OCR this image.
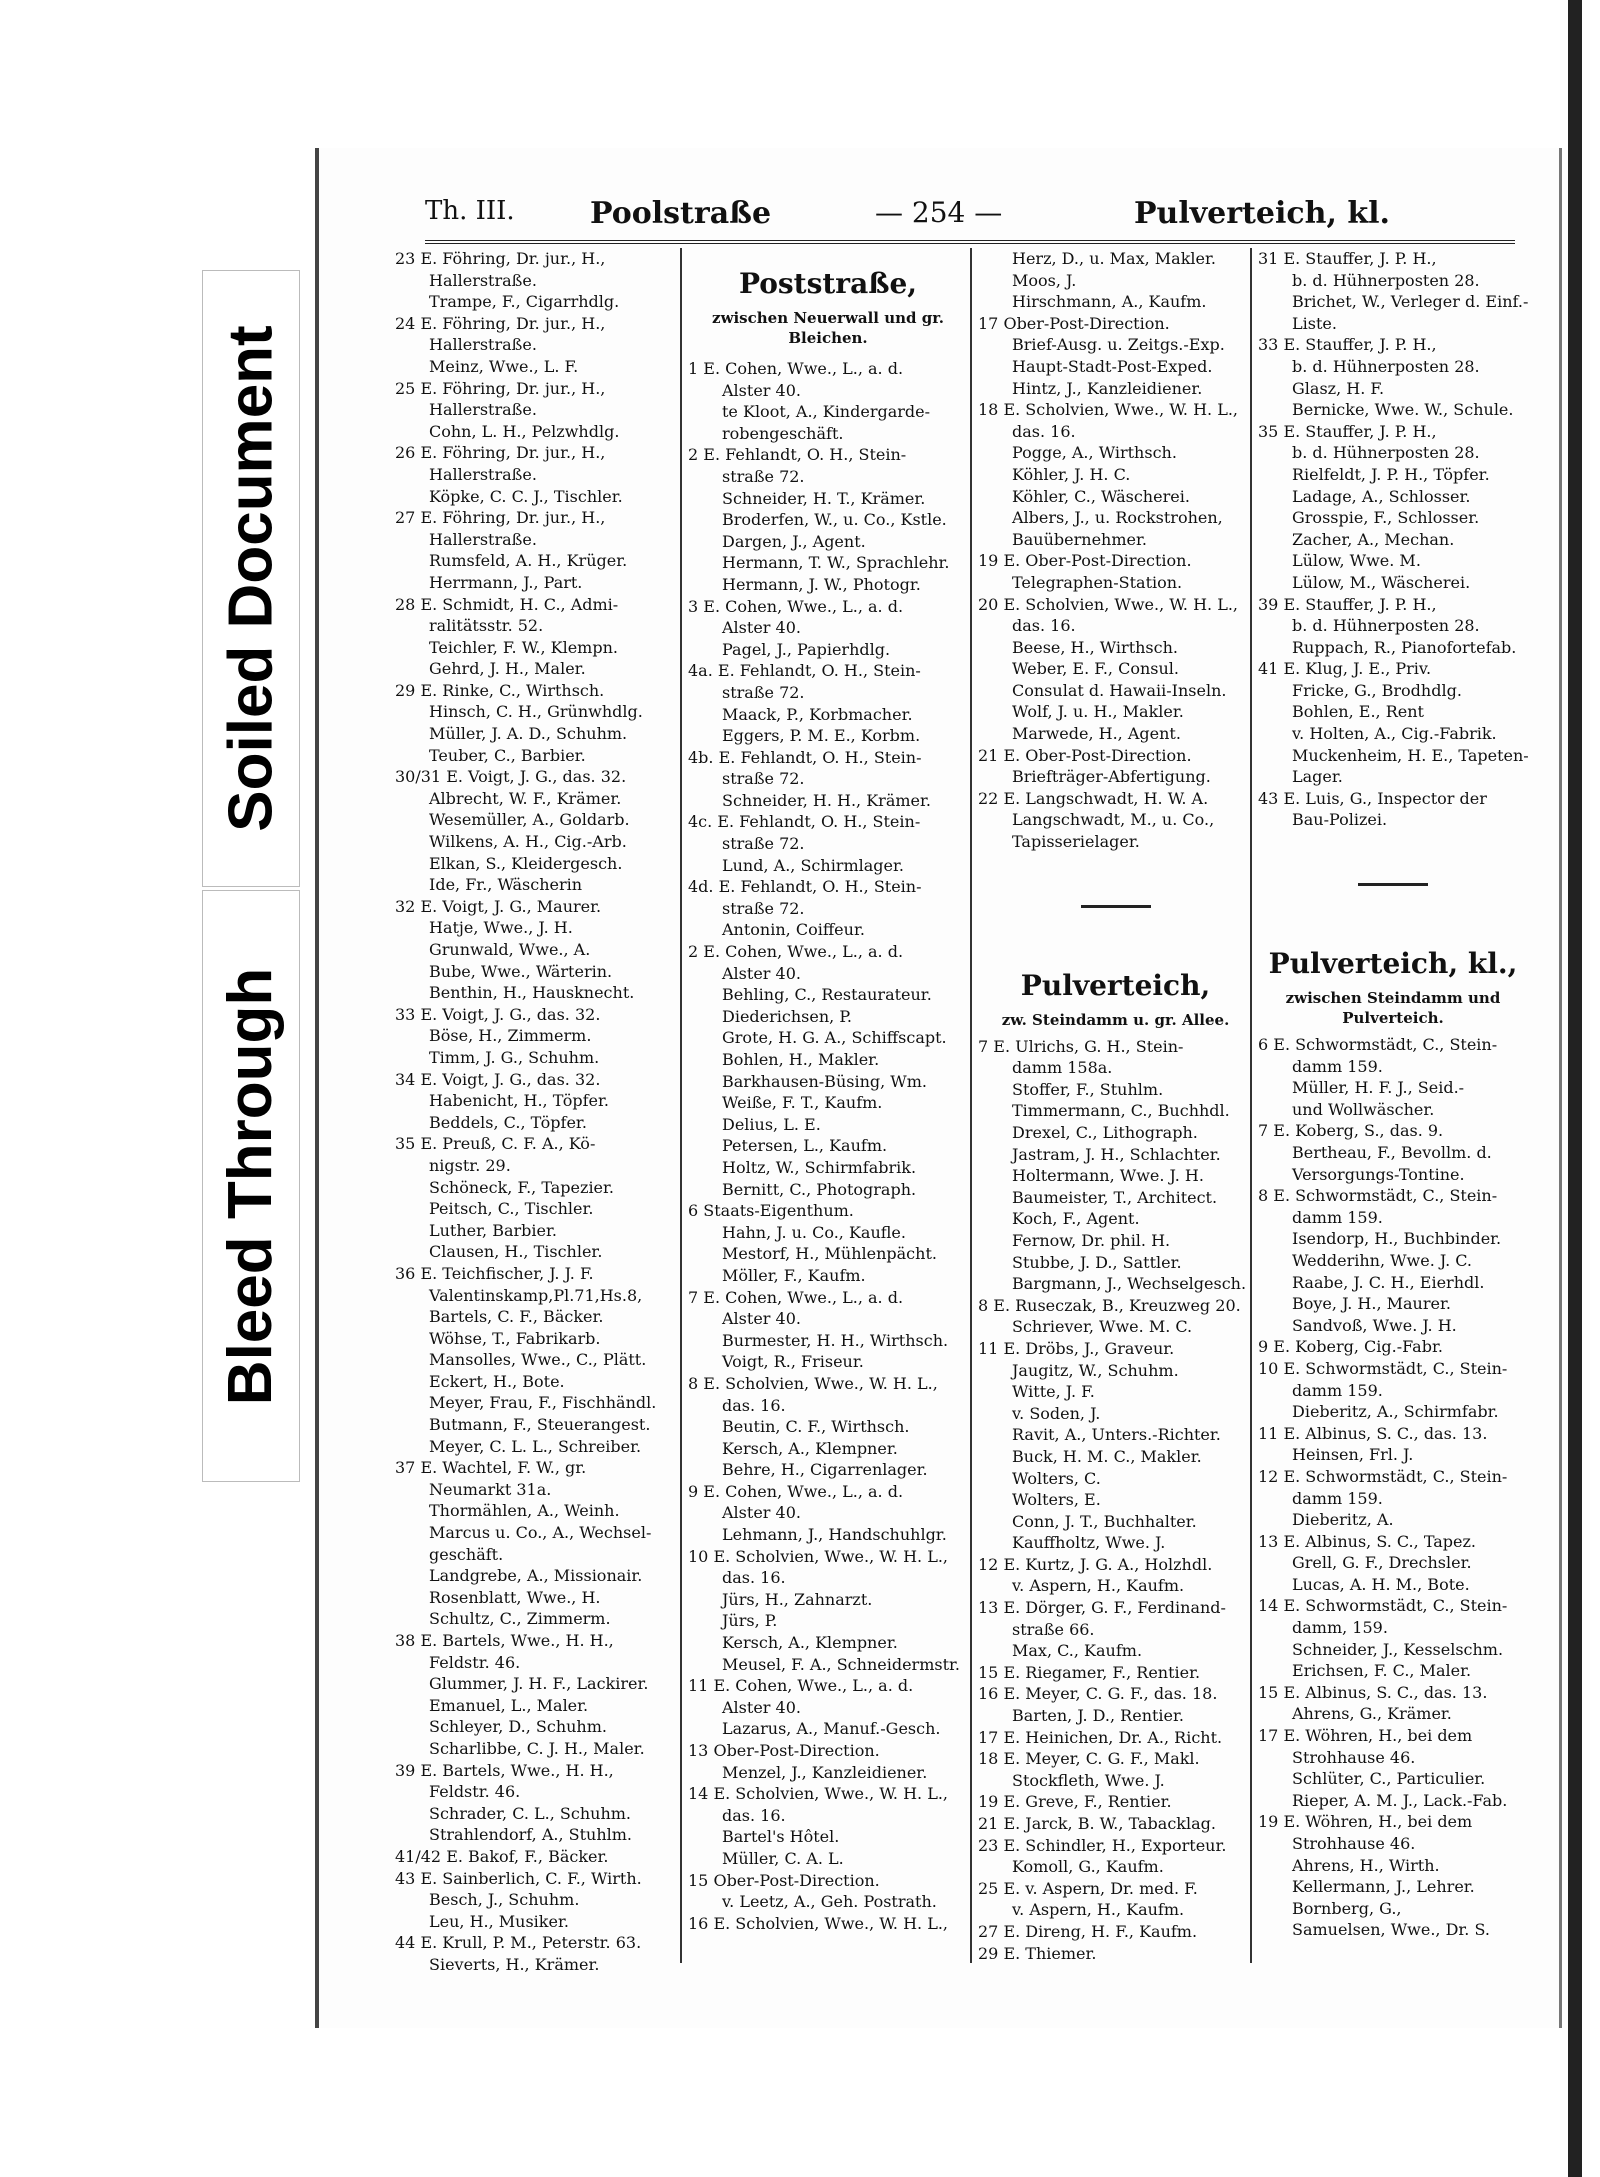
Soiled Document
Bleed Through
Th. III.	Poolstraße	— 254 —	Pulverteich, kl.
23 E. Föhring, Dr. jur., H.,
Hallerstraße.
Trampe, F., Cigarrhdlg.
24 E. Föhring, Dr. jur., H.,
Hallerstraße.
Meinz, Wwe., L. F.
25 E. Föhring, Dr. jur., H.,
Hallerstraße.
Cohn, L. H., Pelzwhdlg.
26 E. Föhring, Dr. jur., H.,
Hallerstraße.
Köpke, C. C. J., Tischler.
27 E. Föhring, Dr. jur., H.,
Hallerstraße.
Rumsfeld, A. H., Krüger.
Herrmann, J., Part.
28 E. Schmidt, H. C., Admi-
ralitätsstr. 52.
Teichler, F. W., Klempn.
Gehrd, J. H., Maler.
29 E. Rinke, C., Wirthsch.
Hinsch, C. H., Grünwhdlg.
Müller, J. A. D., Schuhm.
Teuber, C., Barbier.
30/31 E. Voigt, J. G., das. 32.
Albrecht, W. F., Krämer.
Wesemüller, A., Goldarb.
Wilkens, A. H., Cig.-Arb.
Elkan, S., Kleidergesch.
Ide, Fr., Wäscherin
32 E. Voigt, J. G., Maurer.
Hatje, Wwe., J. H.
Grunwald, Wwe., A.
Bube, Wwe., Wärterin.
Benthin, H., Hausknecht.
33 E. Voigt, J. G., das. 32.
Böse, H., Zimmerm.
Timm, J. G., Schuhm.
34 E. Voigt, J. G., das. 32.
Habenicht, H., Töpfer.
Beddels, C., Töpfer.
35 E. Preuß, C. F. A., Kö-
nigstr. 29.
Schöneck, F., Tapezier.
Peitsch, C., Tischler.
Luther, Barbier.
Clausen, H., Tischler.
36 E. Teichfischer, J. J. F.
Valentinskamp,Pl.71,Hs.8,
Bartels, C. F., Bäcker.
Wöhse, T., Fabrikarb.
Mansolles, Wwe., C., Plätt.
Eckert, H., Bote.
Meyer, Frau, F., Fischhändl.
Butmann, F., Steuerangest.
Meyer, C. L. L., Schreiber.
37 E. Wachtel, F. W., gr.
Neumarkt 31a.
Thormählen, A., Weinh.
Marcus u. Co., A., Wechsel-
geschäft.
Landgrebe, A., Missionair.
Rosenblatt, Wwe., H.
Schultz, C., Zimmerm.
38 E. Bartels, Wwe., H. H.,
Feldstr. 46.
Glummer, J. H. F., Lackirer.
Emanuel, L., Maler.
Schleyer, D., Schuhm.
Scharlibbe, C. J. H., Maler.
39 E. Bartels, Wwe., H. H.,
Feldstr. 46.
Schrader, C. L., Schuhm.
Strahlendorf, A., Stuhlm.
41/42 E. Bakof, F., Bäcker.
43 E. Sainberlich, C. F., Wirth.
Besch, J., Schuhm.
Leu, H., Musiker.
44 E. Krull, P. M., Peterstr. 63.
Sieverts, H., Krämer.
Poststraße,
zwischen Neuerwall und gr. Bleichen.
1 E. Cohen, Wwe., L., a. d.
Alster 40.
te Kloot, A., Kindergarde-
robengeschäft.
2 E. Fehlandt, O. H., Stein-
straße 72.
Schneider, H. T., Krämer.
Broderfen, W., u. Co., Kstle.
Dargen, J., Agent.
Hermann, T. W., Sprachlehr.
Hermann, J. W., Photogr.
3 E. Cohen, Wwe., L., a. d.
Alster 40.
Pagel, J., Papierhdlg.
4a. E. Fehlandt, O. H., Stein-
straße 72.
Maack, P., Korbmacher.
Eggers, P. M. E., Korbm.
4b. E. Fehlandt, O. H., Stein-
straße 72.
Schneider, H. H., Krämer.
4c. E. Fehlandt, O. H., Stein-
straße 72.
Lund, A., Schirmlager.
4d. E. Fehlandt, O. H., Stein-
straße 72.
Antonin, Coiffeur.
2 E. Cohen, Wwe., L., a. d.
Alster 40.
Behling, C., Restaurateur.
Diederichsen, P.
Grote, H. G. A., Schiffscapt.
Bohlen, H., Makler.
Barkhausen-Büsing, Wm.
Weiße, F. T., Kaufm.
Delius, L. E.
Petersen, L., Kaufm.
Holtz, W., Schirmfabrik.
Bernitt, C., Photograph.
6 Staats-Eigenthum.
Hahn, J. u. Co., Kaufle.
Mestorf, H., Mühlenpächt.
Möller, F., Kaufm.
7 E. Cohen, Wwe., L., a. d.
Alster 40.
Burmester, H. H., Wirthsch.
Voigt, R., Friseur.
8 E. Scholvien, Wwe., W. H. L.,
das. 16.
Beutin, C. F., Wirthsch.
Kersch, A., Klempner.
Behre, H., Cigarrenlager.
9 E. Cohen, Wwe., L., a. d.
Alster 40.
Lehmann, J., Handschuhlgr.
10 E. Scholvien, Wwe., W. H. L.,
das. 16.
Jürs, H., Zahnarzt.
Jürs, P.
Kersch, A., Klempner.
Meusel, F. A., Schneidermstr.
11 E. Cohen, Wwe., L., a. d.
Alster 40.
Lazarus, A., Manuf.-Gesch.
13 Ober-Post-Direction.
Menzel, J., Kanzleidiener.
14 E. Scholvien, Wwe., W. H. L.,
das. 16.
Bartel's Hôtel.
Müller, C. A. L.
15 Ober-Post-Direction.
v. Leetz, A., Geh. Postrath.
16 E. Scholvien, Wwe., W. H. L.,
Herz, D., u. Max, Makler.
Moos, J.
Hirschmann, A., Kaufm.
17 Ober-Post-Direction.
Brief-Ausg. u. Zeitgs.-Exp.
Haupt-Stadt-Post-Exped.
Hintz, J., Kanzleidiener.
18 E. Scholvien, Wwe., W. H. L.,
das. 16.
Pogge, A., Wirthsch.
Köhler, J. H. C.
Köhler, C., Wäscherei.
Albers, J., u. Rockstrohen,
Bauübernehmer.
19 E. Ober-Post-Direction.
Telegraphen-Station.
20 E. Scholvien, Wwe., W. H. L.,
das. 16.
Beese, H., Wirthsch.
Weber, E. F., Consul.
Consulat d. Hawaii-Inseln.
Wolf, J. u. H., Makler.
Marwede, H., Agent.
21 E. Ober-Post-Direction.
Briefträger-Abfertigung.
22 E. Langschwadt, H. W. A.
Langschwadt, M., u. Co.,
Tapisserielager.
Pulverteich,
zw. Steindamm u. gr. Allee.
7 E. Ulrichs, G. H., Stein-
damm 158a.
Stoffer, F., Stuhlm.
Timmermann, C., Buchhdl.
Drexel, C., Lithograph.
Jastram, J. H., Schlachter.
Holtermann, Wwe. J. H.
Baumeister, T., Architect.
Koch, F., Agent.
Fernow, Dr. phil. H.
Stubbe, J. D., Sattler.
Bargmann, J., Wechselgesch.
8 E. Ruseczak, B., Kreuzweg 20.
Schriever, Wwe. M. C.
11 E. Dröbs, J., Graveur.
Jaugitz, W., Schuhm.
Witte, J. F.
v. Soden, J.
Ravit, A., Unters.-Richter.
Buck, H. M. C., Makler.
Wolters, C.
Wolters, E.
Conn, J. T., Buchhalter.
Kauffholtz, Wwe. J.
12 E. Kurtz, J. G. A., Holzhdl.
v. Aspern, H., Kaufm.
13 E. Dörger, G. F., Ferdinand-
straße 66.
Max, C., Kaufm.
15 E. Riegamer, F., Rentier.
16 E. Meyer, C. G. F., das. 18.
Barten, J. D., Rentier.
17 E. Heinichen, Dr. A., Richt.
18 E. Meyer, C. G. F., Makl.
Stockfleth, Wwe. J.
19 E. Greve, F., Rentier.
21 E. Jarck, B. W., Tabacklag.
23 E. Schindler, H., Exporteur.
Komoll, G., Kaufm.
25 E. v. Aspern, Dr. med. F.
v. Aspern, H., Kaufm.
27 E. Direng, H. F., Kaufm.
29 E. Thiemer.
31 E. Stauffer, J. P. H.,
b. d. Hühnerposten 28.
Brichet, W., Verleger d. Einf.-
Liste.
33 E. Stauffer, J. P. H.,
b. d. Hühnerposten 28.
Glasz, H. F.
Bernicke, Wwe. W., Schule.
35 E. Stauffer, J. P. H.,
b. d. Hühnerposten 28.
Rielfeldt, J. P. H., Töpfer.
Ladage, A., Schlosser.
Grosspie, F., Schlosser.
Zacher, A., Mechan.
Lülow, Wwe. M.
Lülow, M., Wäscherei.
39 E. Stauffer, J. P. H.,
b. d. Hühnerposten 28.
Ruppach, R., Pianofortefab.
41 E. Klug, J. E., Priv.
Fricke, G., Brodhdlg.
Bohlen, E., Rent
v. Holten, A., Cig.-Fabrik.
Muckenheim, H. E., Tapeten-
Lager.
43 E. Luis, G., Inspector der
Bau-Polizei.
Pulverteich, kl.,
zwischen Steindamm und Pulverteich.
6 E. Schwormstädt, C., Stein-
damm 159.
Müller, H. F. J., Seid.-
und Wollwäscher.
7 E. Koberg, S., das. 9.
Bertheau, F., Bevollm. d.
Versorgungs-Tontine.
8 E. Schwormstädt, C., Stein-
damm 159.
Isendorp, H., Buchbinder.
Wedderihn, Wwe. J. C.
Raabe, J. C. H., Eierhdl.
Boye, J. H., Maurer.
Sandvoß, Wwe. J. H.
9 E. Koberg, Cig.-Fabr.
10 E. Schwormstädt, C., Stein-
damm 159.
Dieberitz, A., Schirmfabr.
11 E. Albinus, S. C., das. 13.
Heinsen, Frl. J.
12 E. Schwormstädt, C., Stein-
damm 159.
Dieberitz, A.
13 E. Albinus, S. C., Tapez.
Grell, G. F., Drechsler.
Lucas, A. H. M., Bote.
14 E. Schwormstädt, C., Stein-
damm, 159.
Schneider, J., Kesselschm.
Erichsen, F. C., Maler.
15 E. Albinus, S. C., das. 13.
Ahrens, G., Krämer.
17 E. Wöhren, H., bei dem
Strohhause 46.
Schlüter, C., Particulier.
Rieper, A. M. J., Lack.-Fab.
19 E. Wöhren, H., bei dem
Strohhause 46.
Ahrens, H., Wirth.
Kellermann, J., Lehrer.
Bornberg, G.,
Samuelsen, Wwe., Dr. S.
